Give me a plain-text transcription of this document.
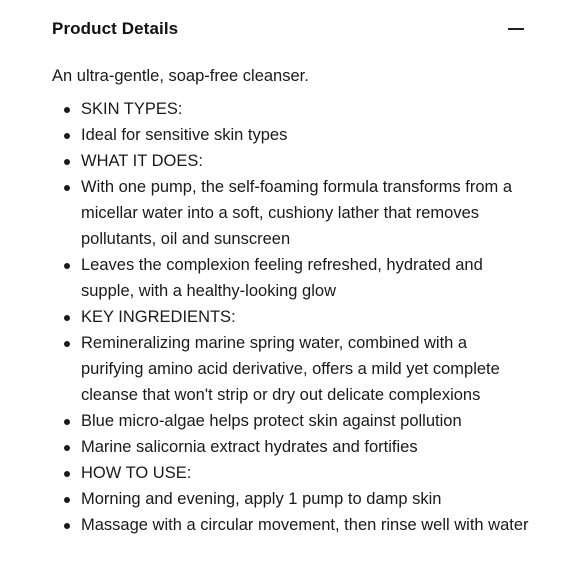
Product Details

An ultra-gentle, soap-free cleanser.

SKIN TYPES:
Ideal for sensitive skin types
WHAT IT DOES:
With one pump, the self-foaming formula transforms from a micellar water into a soft, cushiony lather that removes pollutants, oil and sunscreen
Leaves the complexion feeling refreshed, hydrated and supple, with a healthy-looking glow
KEY INGREDIENTS:
Remineralizing marine spring water, combined with a purifying amino acid derivative, offers a mild yet complete cleanse that won't strip or dry out delicate complexions
Blue micro-algae helps protect skin against pollution
Marine salicornia extract hydrates and fortifies
HOW TO USE:
Morning and evening, apply 1 pump to damp skin
Massage with a circular movement, then rinse well with water
